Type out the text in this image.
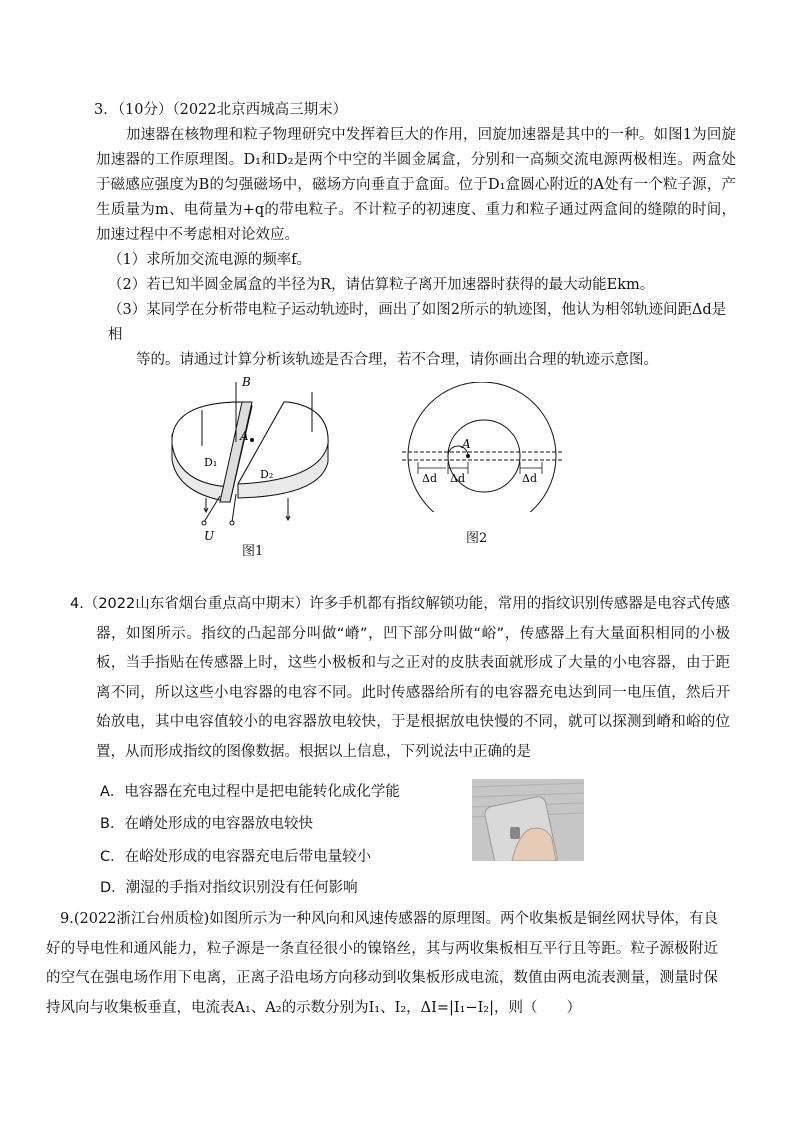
3．（10分）（2022北京西城高三期末）

加速器在核物理和粒子物理研究中发挥着巨大的作用，回旋加速器是其中的一种。如图1为回旋加速器的工作原理图。D₁和D₂是两个中空的半圆金属盒，分别和一高频交流电源两极相连。两盒处于磁感应强度为B的匀强磁场中，磁场方向垂直于盒面。位于D₁盒圆心附近的A处有一个粒子源，产生质量为m、电荷量为+q的带电粒子。不计粒子的初速度、重力和粒子通过两盒间的缝隙的时间，加速过程中不考虑相对论效应。

（1）求所加交流电源的频率f。

（2）若已知半圆金属盒的半径为R，请估算粒子离开加速器时获得的最大动能Ekm。

（3）某同学在分析带电粒子运动轨迹时，画出了如图2所示的轨迹图，他认为相邻轨迹间距Δd是相
等的。请通过计算分析该轨迹是否合理，若不合理，请你画出合理的轨迹示意图。

B
A
D₁
D₂
U
图1
A
Δd Δd	Δd
图2

4.（2022山东省烟台重点高中期末）许多手机都有指纹解锁功能，常用的指纹识别传感器是电容式传感

器，如图所示。指纹的凸起部分叫做“嵴”，凹下部分叫做“峪”，传感器上有大量面积相同的小极板，当手指贴在传感器上时，这些小极板和与之正对的皮肤表面就形成了大量的小电容器，由于距离不同，所以这些小电容器的电容不同。此时传感器给所有的电容器充电达到同一电压值，然后开始放电，其中电容值较小的电容器放电较快，于是根据放电快慢的不同，就可以探测到嵴和峪的位置，从而形成指纹的图像数据。根据以上信息，下列说法中正确的是

A．电容器在充电过程中是把电能转化成化学能
B．在嵴处形成的电容器放电较快
C．在峪处形成的电容器充电后带电量较小
D．潮湿的手指对指纹识别没有任何影响

9.(2022浙江台州质检)如图所示为一种风向和风速传感器的原理图。两个收集板是铜丝网状导体，有良好的导电性和通风能力，粒子源是一条直径很小的镍铬丝，其与两收集板相互平行且等距。粒子源极附近的空气在强电场作用下电离，正离子沿电场方向移动到收集板形成电流，数值由两电流表测量，测量时保持风向与收集板垂直，电流表A₁、A₂的示数分别为I₁、I₂，ΔI=|I₁−I₂|，则（　　）
